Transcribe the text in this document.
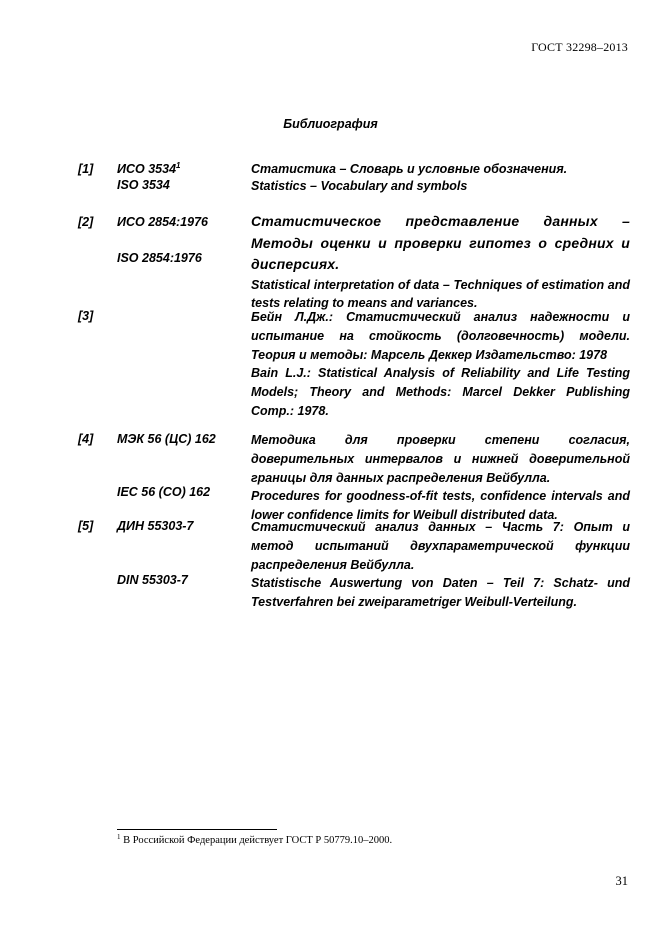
ГОСТ 32298–2013
Библиография
[1] ИСО 3534$^1$
ISO 3534

Статистика – Словарь и условные обозначения.

Statistics – Vocabulary and symbols

[2] ИСО 2854:1976
ISO 2854:1976

Статистическое представление данных – Методы оценки и проверки гипотез о средних и дисперсиях.

Statistical interpretation of data – Techniques of estimation and tests relating to means and variances.

[3]	Бейн Л.Дж.: Статистический анализ надежности и испытание на стойкость (долговечность) модели. Теория и методы: Марсель Деккер Издательство: 1978

Bain L.J.: Statistical Analysis of Reliability and Life Testing Models; Theory and Methods: Marcel Dekker Publishing Comp.: 1978.

[4] МЭК 56 (ЦС) 162
IEC 56 (CO) 162

Методика для проверки степени согласия, доверительных интервалов и нижней доверительной границы для данных распределения Вейбулла.

Procedures for goodness-of-fit tests, confidence intervals and lower confidence limits for Weibull distributed data.

[5] ДИН 55303-7
DIN 55303-7

Статистический анализ данных – Часть 7: Опыт и метод испытаний двухпараметрической функции распределения Вейбулла.

Statistische Auswertung von Daten – Teil 7: Schatz- und Testverfahren bei zweiparametriger Weibull-Verteilung.

$^1$ В Российской Федерации действует ГОСТ Р 50779.10–2000.
31
